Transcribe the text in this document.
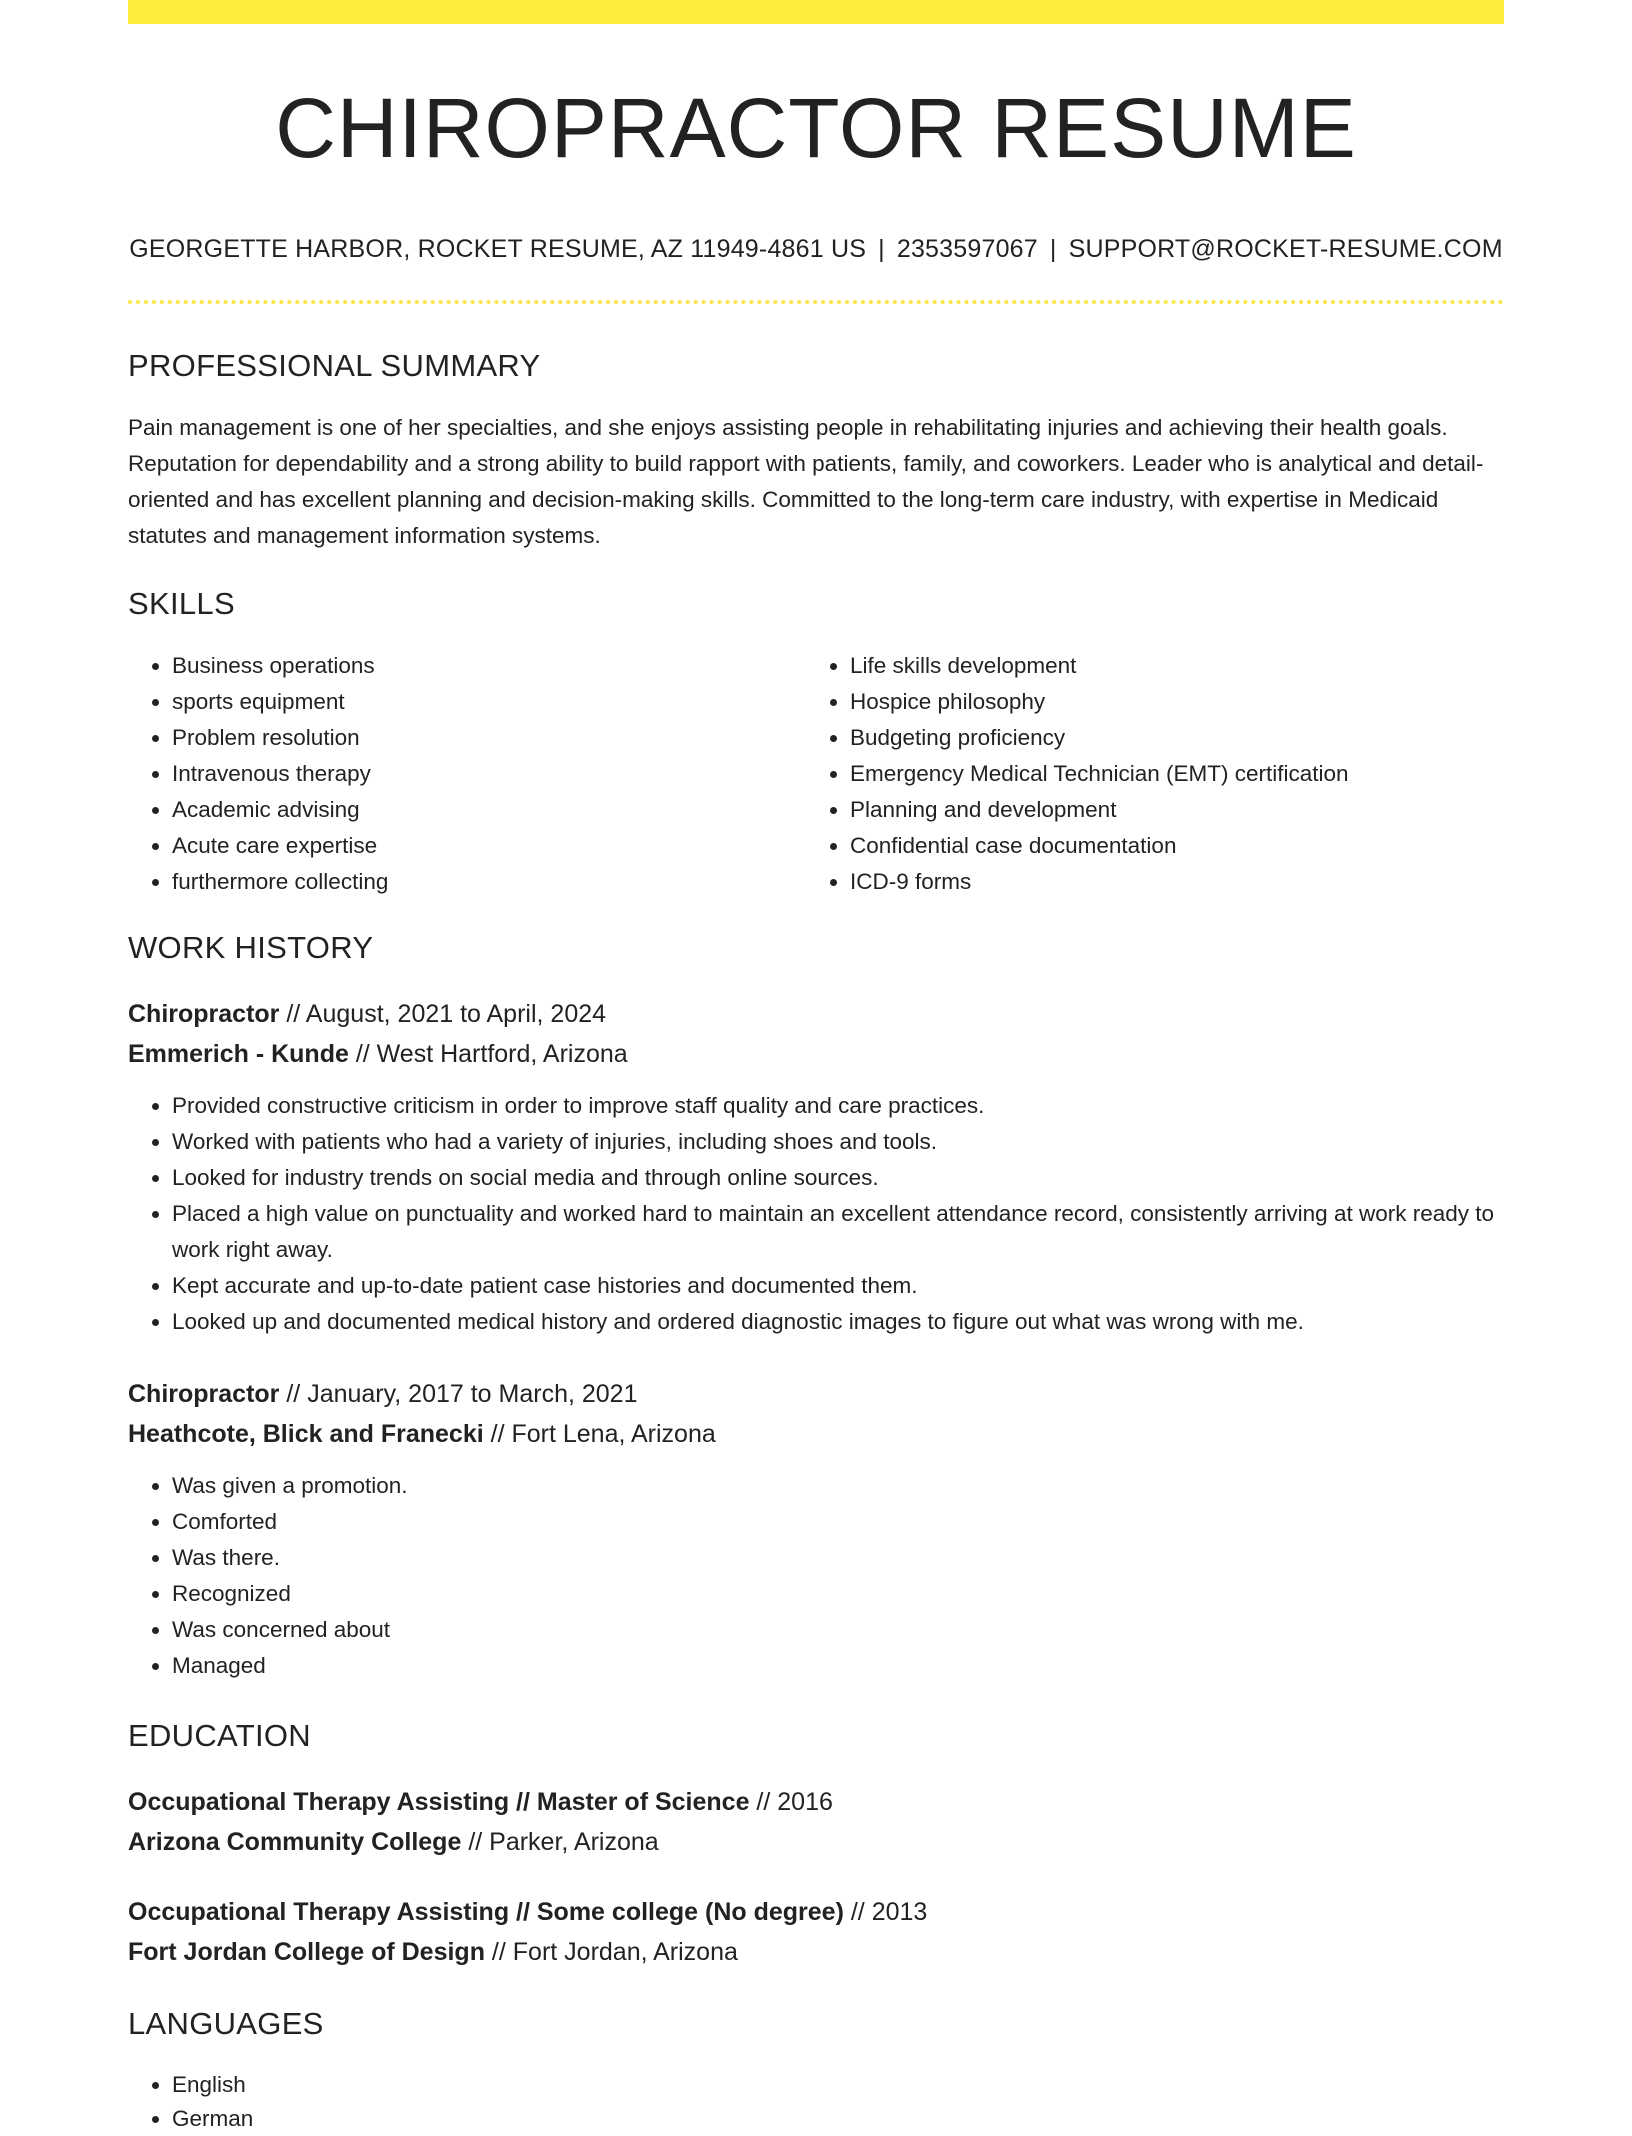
CHIROPRACTOR RESUME
GEORGETTE HARBOR, ROCKET RESUME, AZ 11949-4861 US | 2353597067 | SUPPORT@ROCKET-RESUME.COM
PROFESSIONAL SUMMARY

Pain management is one of her specialties, and she enjoys assisting people in rehabilitating injuries and achieving their health goals. Reputation for dependability and a strong ability to build rapport with patients, family, and coworkers. Leader who is analytical and detail-oriented and has excellent planning and decision-making skills. Committed to the long-term care industry, with expertise in Medicaid statutes and management information systems.

SKILLS
• Business operations
• sports equipment
• Problem resolution
• Intravenous therapy
• Academic advising
• Acute care expertise
• furthermore collecting
• Life skills development
• Hospice philosophy
• Budgeting proficiency
• Emergency Medical Technician (EMT) certification
• Planning and development
• Confidential case documentation
• ICD-9 forms
WORK HISTORY
Chiropractor // August, 2021 to April, 2024
Emmerich - Kunde // West Hartford, Arizona
• Provided constructive criticism in order to improve staff quality and care practices.
• Worked with patients who had a variety of injuries, including shoes and tools.
• Looked for industry trends on social media and through online sources.
• Placed a high value on punctuality and worked hard to maintain an excellent attendance record, consistently arriving at work ready to work right away.
• Kept accurate and up-to-date patient case histories and documented them.
• Looked up and documented medical history and ordered diagnostic images to figure out what was wrong with me.
Chiropractor // January, 2017 to March, 2021
Heathcote, Blick and Franecki // Fort Lena, Arizona
• Was given a promotion.
• Comforted
• Was there.
• Recognized
• Was concerned about
• Managed
EDUCATION
Occupational Therapy Assisting // Master of Science // 2016
Arizona Community College // Parker, Arizona
Occupational Therapy Assisting // Some college (No degree) // 2013
Fort Jordan College of Design // Fort Jordan, Arizona
LANGUAGES
• English
• German
